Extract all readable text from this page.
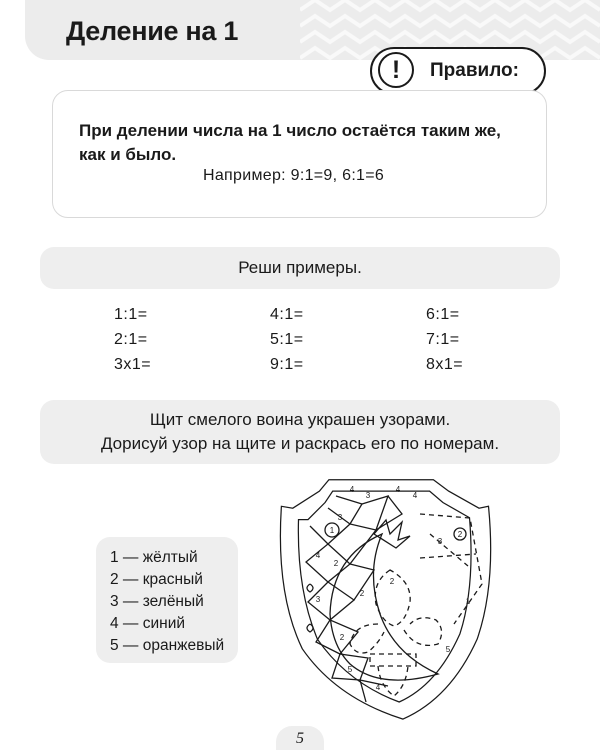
Деление на 1
!	Правило:
При делении числа на 1 число остаётся таким же, как и было.
Например: 9:1=9, 6:1=6
Реши примеры.
1:1=
2:1=
3x1=
4:1=
5:1=
9:1=
6:1=
7:1=
8x1=
Щит смелого воина украшен узорами.
Дорисуй узор на щите и раскрась его по номерам.
1 — жёлтый
2 — красный
3 — зелёный
4 — синий
5 — оранжевый
1	2
4
3
4
4
3
4
2
3
2
5
4
2
2
3
1
5
5
